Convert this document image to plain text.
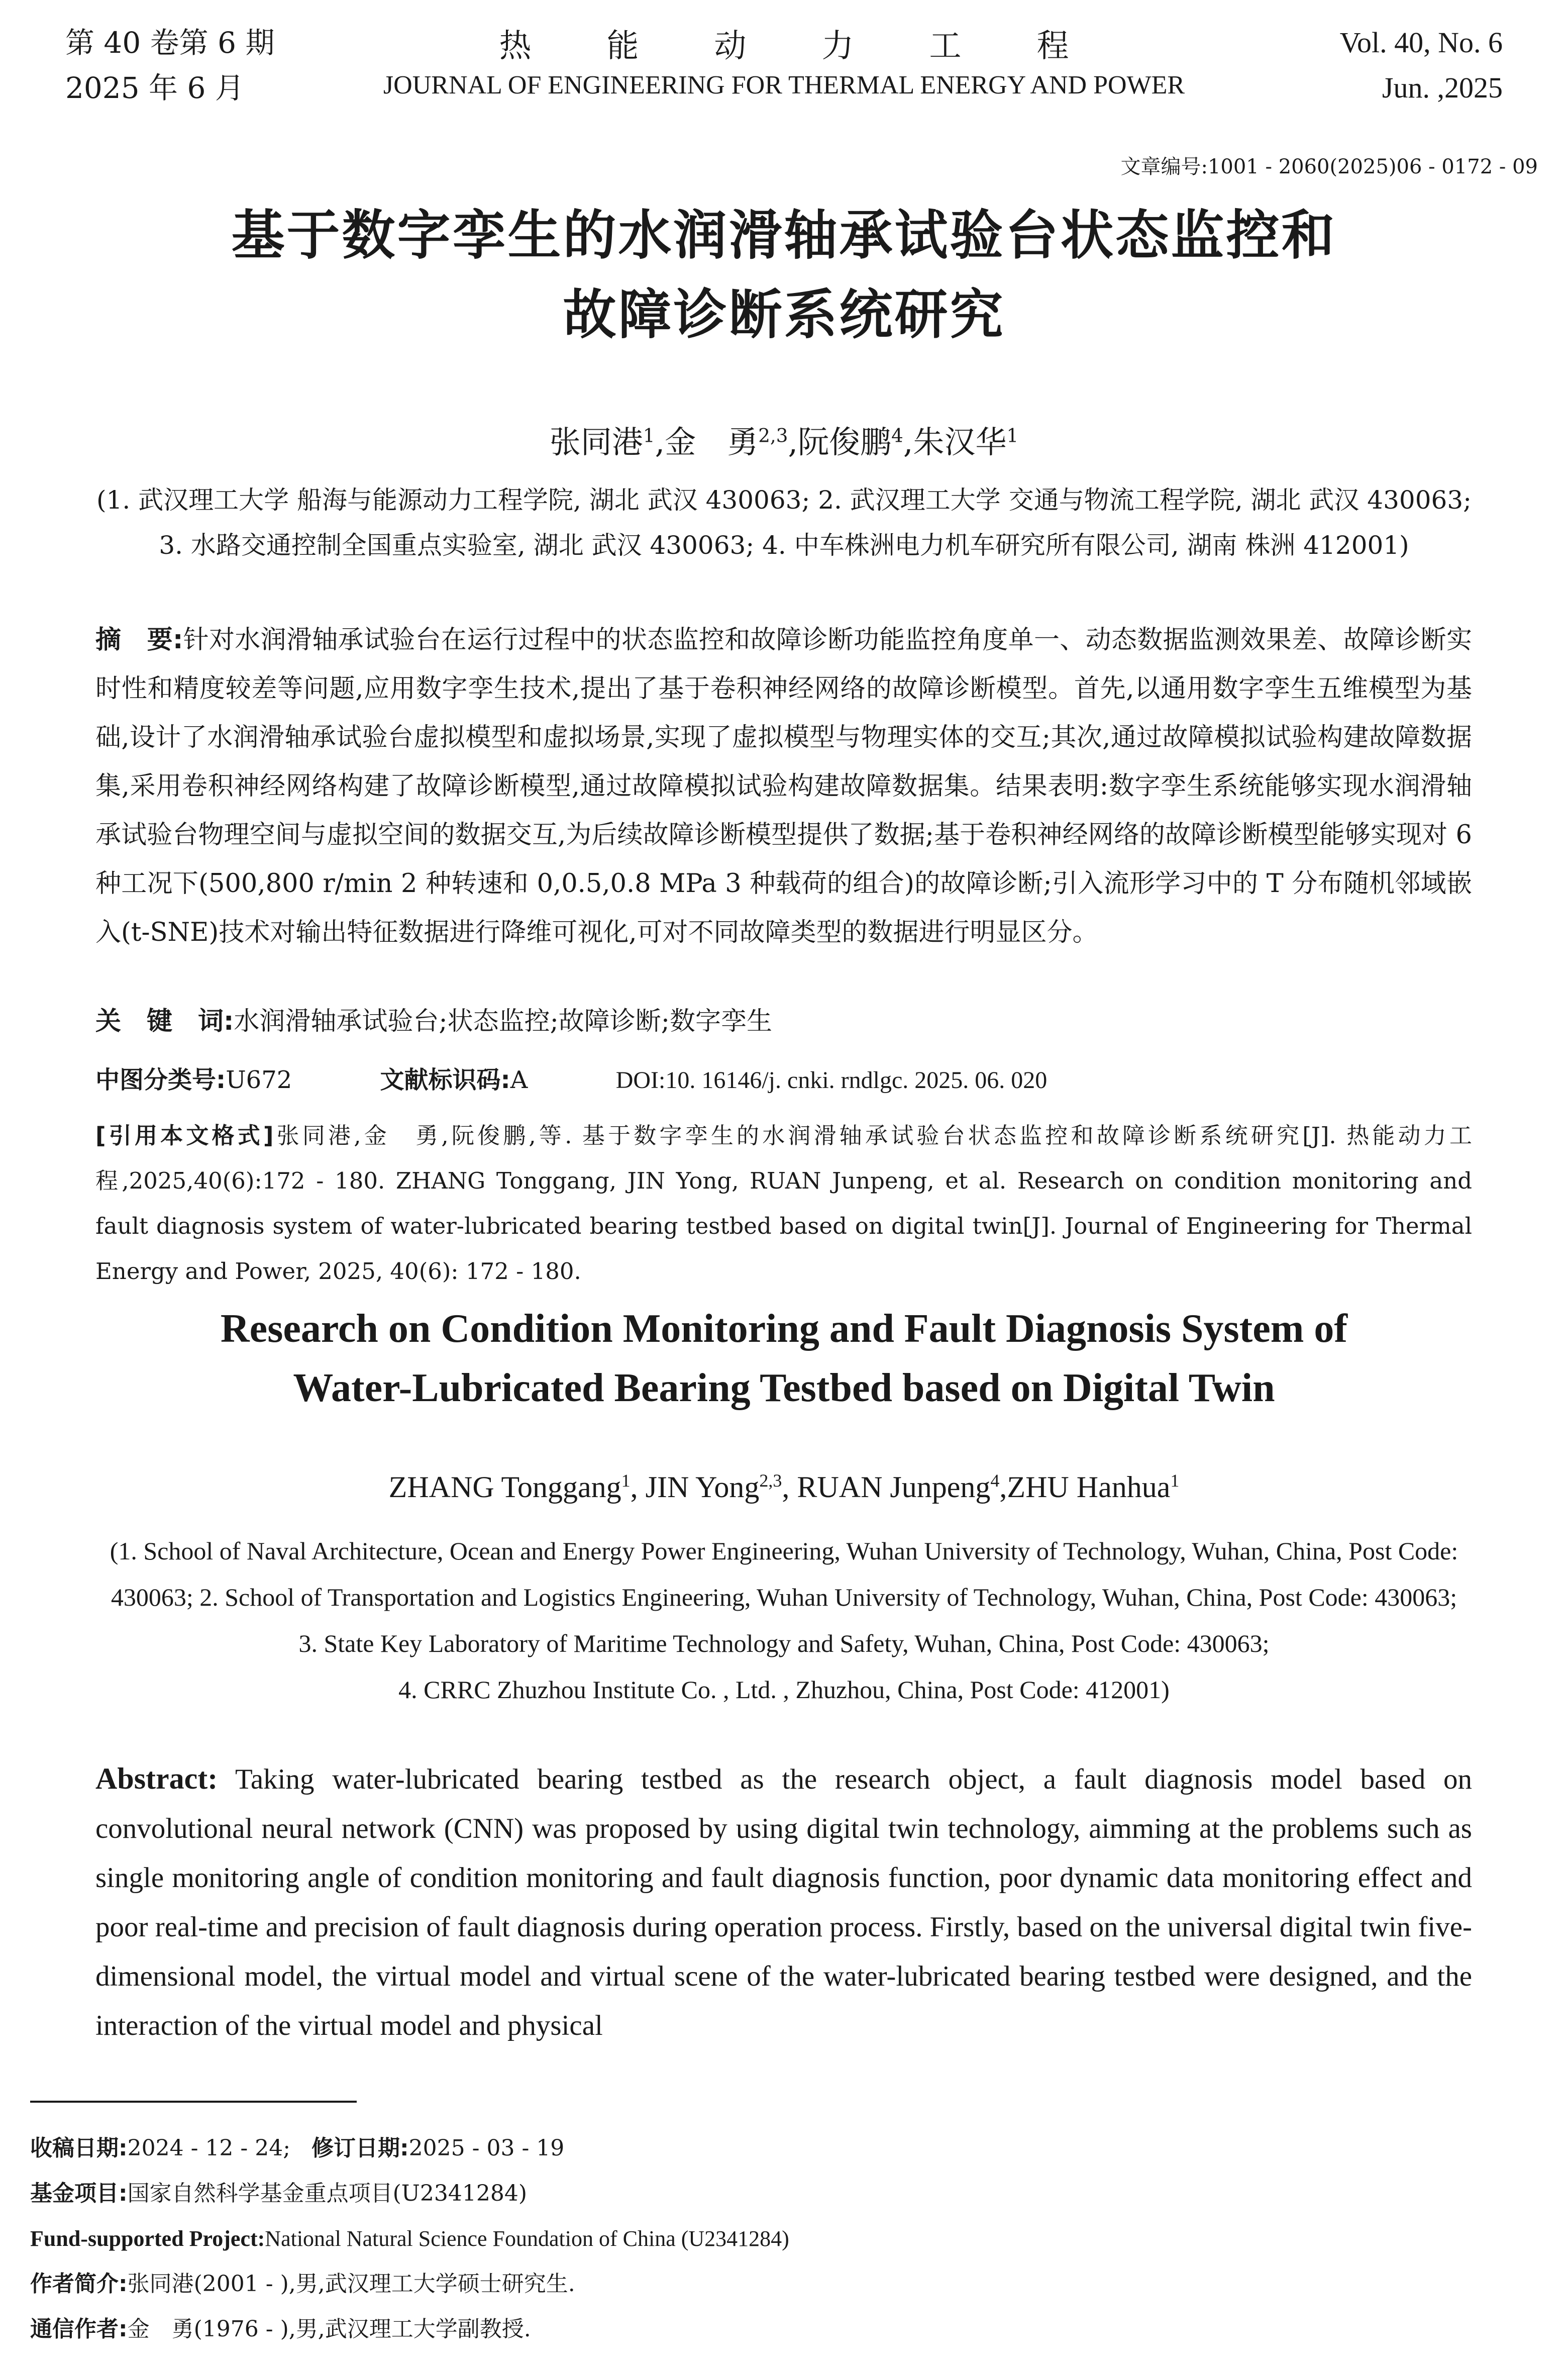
第 40 卷第 6 期
2025 年 6 月
热能动力工程
JOURNAL OF ENGINEERING FOR THERMAL ENERGY AND POWER
Vol. 40, No. 6
Jun. ,2025
文章编号:1001 - 2060(2025)06 - 0172 - 09
基于数字孪生的水润滑轴承试验台状态监控和
故障诊断系统研究
张同港$^1$,金　勇$^{2,3}$,阮俊鹏$^4$,朱汉华$^1$
(1. 武汉理工大学 船海与能源动力工程学院, 湖北 武汉 430063; 2. 武汉理工大学 交通与物流工程学院, 湖北 武汉 430063;
3. 水路交通控制全国重点实验室, 湖北 武汉 430063; 4. 中车株洲电力机车研究所有限公司, 湖南 株洲 412001)
摘　要:针对水润滑轴承试验台在运行过程中的状态监控和故障诊断功能监控角度单一、动态数据监测效果差、故障诊断实时性和精度较差等问题,应用数字孪生技术,提出了基于卷积神经网络的故障诊断模型。首先,以通用数字孪生五维模型为基础,设计了水润滑轴承试验台虚拟模型和虚拟场景,实现了虚拟模型与物理实体的交互;其次,通过故障模拟试验构建故障数据集,采用卷积神经网络构建了故障诊断模型,通过故障模拟试验构建故障数据集。结果表明:数字孪生系统能够实现水润滑轴承试验台物理空间与虚拟空间的数据交互,为后续故障诊断模型提供了数据;基于卷积神经网络的故障诊断模型能够实现对 6 种工况下(500,800 r/min 2 种转速和 0,0.5,0.8 MPa 3 种载荷的组合)的故障诊断;引入流形学习中的 T 分布随机邻域嵌入(t-SNE)技术对输出特征数据进行降维可视化,可对不同故障类型的数据进行明显区分。
关　键　词:水润滑轴承试验台;状态监控;故障诊断;数字孪生
中图分类号:U672	文献标识码:A	DOI:10. 16146/j. cnki. rndlgc. 2025. 06. 020
[引用本文格式]张同港,金　勇,阮俊鹏,等. 基于数字孪生的水润滑轴承试验台状态监控和故障诊断系统研究[J]. 热能动力工程,2025,40(6):172 - 180. ZHANG Tonggang, JIN Yong, RUAN Junpeng, et al. Research on condition monitoring and fault diagnosis system of water-lubricated bearing testbed based on digital twin[J]. Journal of Engineering for Thermal Energy and Power, 2025, 40(6): 172 - 180.
Research on Condition Monitoring and Fault Diagnosis System of
Water-Lubricated Bearing Testbed based on Digital Twin
ZHANG Tonggang$^1$, JIN Yong$^{2,3}$, RUAN Junpeng$^4$,ZHU Hanhua$^1$
(1. School of Naval Architecture, Ocean and Energy Power Engineering, Wuhan University of Technology, Wuhan, China, Post Code:
430063; 2. School of Transportation and Logistics Engineering, Wuhan University of Technology, Wuhan, China, Post Code: 430063;
3. State Key Laboratory of Maritime Technology and Safety, Wuhan, China, Post Code: 430063;
4. CRRC Zhuzhou Institute Co. , Ltd. , Zhuzhou, China, Post Code: 412001)
Abstract: Taking water-lubricated bearing testbed as the research object, a fault diagnosis model based on convolutional neural network (CNN) was proposed by using digital twin technology, aimming at the problems such as single monitoring angle of condition monitoring and fault diagnosis function, poor dynamic data monitoring effect and poor real-time and precision of fault diagnosis during operation process. Firstly, based on the universal digital twin five-dimensional model, the virtual model and virtual scene of the water-lubricated bearing testbed were designed, and the interaction of the virtual model and physical
收稿日期:2024 - 12 - 24; 修订日期:2025 - 03 - 19
基金项目:国家自然科学基金重点项目(U2341284)
Fund-supported Project:National Natural Science Foundation of China (U2341284)
作者简介:张同港(2001 - ),男,武汉理工大学硕士研究生.
通信作者:金　勇(1976 - ),男,武汉理工大学副教授.
